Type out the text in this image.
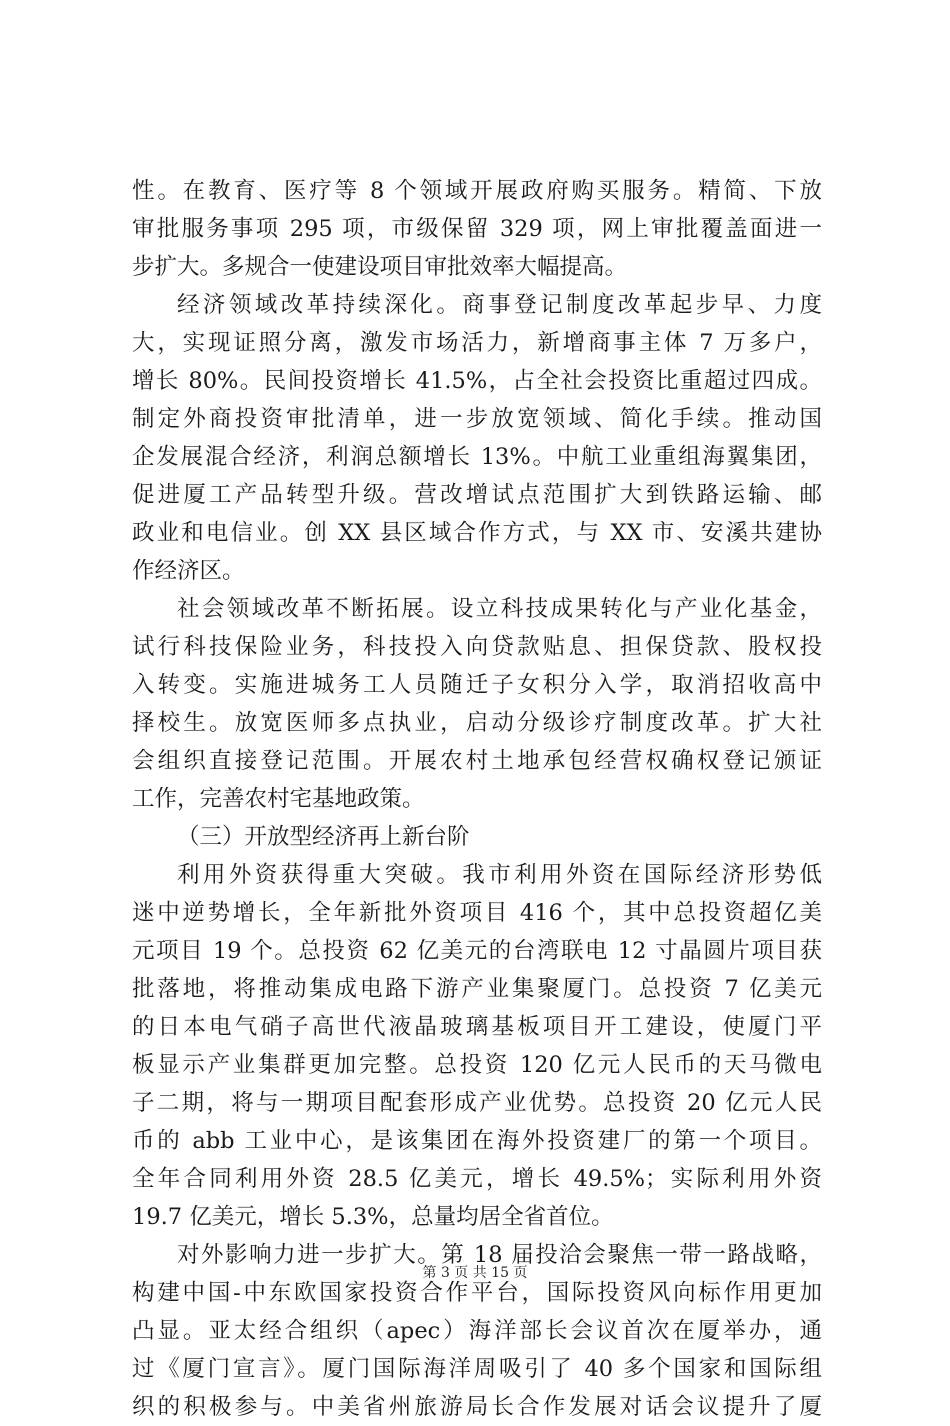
性。在教育、医疗等 8 个领域开展政府购买服务。精简、下放
审批服务事项 295 项，市级保留 329 项，网上审批覆盖面进一
步扩大。多规合一使建设项目审批效率大幅提高。
经济领域改革持续深化。商事登记制度改革起步早、力度
大，实现证照分离，激发市场活力，新增商事主体 7 万多户，
增长 80%。民间投资增长 41.5%，占全社会投资比重超过四成。
制定外商投资审批清单，进一步放宽领域、简化手续。推动国
企发展混合经济，利润总额增长 13%。中航工业重组海翼集团，
促进厦工产品转型升级。营改增试点范围扩大到铁路运输、邮
政业和电信业。创 XX 县区域合作方式，与 XX 市、安溪共建协
作经济区。
社会领域改革不断拓展。设立科技成果转化与产业化基金，
试行科技保险业务，科技投入向贷款贴息、担保贷款、股权投
入转变。实施进城务工人员随迁子女积分入学，取消招收高中
择校生。放宽医师多点执业，启动分级诊疗制度改革。扩大社
会组织直接登记范围。开展农村土地承包经营权确权登记颁证
工作，完善农村宅基地政策。
（三）开放型经济再上新台阶
利用外资获得重大突破。我市利用外资在国际经济形势低
迷中逆势增长，全年新批外资项目 416 个，其中总投资超亿美
元项目 19 个。总投资 62 亿美元的台湾联电 12 寸晶圆片项目获
批落地，将推动集成电路下游产业集聚厦门。总投资 7 亿美元
的日本电气硝子高世代液晶玻璃基板项目开工建设，使厦门平
板显示产业集群更加完整。总投资 120 亿元人民币的天马微电
子二期，将与一期项目配套形成产业优势。总投资 20 亿元人民
币的 abb 工业中心，是该集团在海外投资建厂的第一个项目。
全年合同利用外资 28.5 亿美元，增长 49.5%；实际利用外资
19.7 亿美元，增长 5.3%，总量均居全省首位。
对外影响力进一步扩大。第 18 届投洽会聚焦一带一路战略，
构建中国-中东欧国家投资合作平台，国际投资风向标作用更加
凸显。亚太经合组织（apec）海洋部长会议首次在厦举办，通
过《厦门宣言》。厦门国际海洋周吸引了 40 多个国家和国际组
织的积极参与。中美省州旅游局长合作发展对话会议提升了厦
第 3 页 共 15 页
